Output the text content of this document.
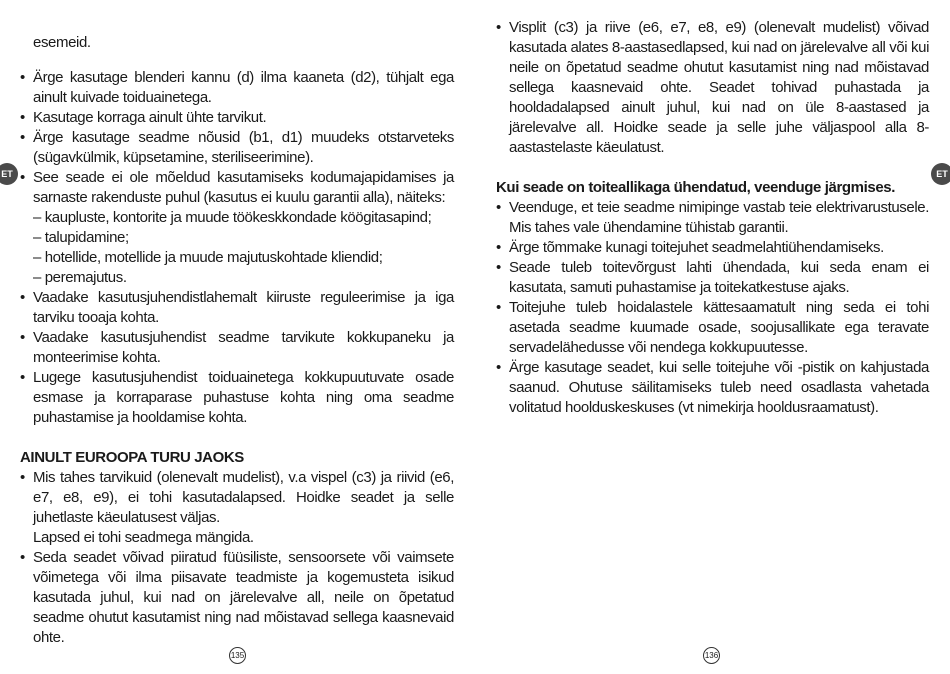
ET	ET

esemeid.

• Ärge kasutage blenderi kannu (d) ilma kaaneta (d2), tühjalt ega ainult kuivade toiduainetega.

• Kasutage korraga ainult ühte tarvikut.

• Ärge kasutage seadme nõusid (b1, d1) muudeks otstarveteks (sügavkülmik, küpsetamine, steriliseerimine).

• See seade ei ole mõeldud kasutamiseks kodumajapidamises ja sarnaste rakenduste puhul (kasutus ei kuulu garantii alla), näiteks:

– kaupluste, kontorite ja muude töökeskkondade köögitasapind;

– talupidamine;

– hotellide, motellide ja muude majutuskohtade kliendid;

– peremajutus.

• Vaadake kasutusjuhendistlahemalt kiiruste reguleerimise ja iga tarviku tooaja kohta.

• Vaadake kasutusjuhendist seadme tarvikute kokkupaneku ja monteerimise kohta.

• Lugege kasutusjuhendist toiduainetega kokkupuutuvate osade esmase ja korraparase puhastuse kohta ning oma seadme puhastamise ja hooldamise kohta.

AINULT EUROOPA TURU JAOKS

• Mis tahes tarvikuid (olenevalt mudelist), v.a vispel (c3) ja riivid (e6, e7, e8, e9), ei tohi kasutadalapsed. Hoidke seadet ja selle juhetlaste käeulatusest väljas.

Lapsed ei tohi seadmega mängida.

• Seda seadet võivad piiratud füüsiliste, sensoorsete või vaimsete võimetega või ilma piisavate teadmiste ja kogemusteta isikud kasutada juhul, kui nad on järelevalve all, neile on õpetatud seadme ohutut kasutamist ning nad mõistavad sellega kaasnevaid ohte.

• Visplit (c3) ja riive (e6, e7, e8, e9) (olenevalt mudelist) võivad kasutada alates 8-aastasedlapsed, kui nad on järelevalve all või kui neile on õpetatud seadme ohutut kasutamist ning nad mõistavad sellega kaasnevaid ohte. Seadet tohivad puhastada ja hooldadalapsed ainult juhul, kui nad on üle 8-aastased ja järelevalve all. Hoidke seade ja selle juhe väljaspool alla 8-aastastelaste käeulatust.

Kui seade on toiteallikaga ühendatud, veenduge järgmises.

• Veenduge, et teie seadme nimipinge vastab teie elektrivarustusele. Mis tahes vale ühendamine tühistab garantii.

• Ärge tõmmake kunagi toitejuhet seadmelahtiühendamiseks.

• Seade tuleb toitevõrgust lahti ühendada, kui seda enam ei kasutata, samuti puhastamise ja toitekatkestuse ajaks.

• Toitejuhe tuleb hoidalastele kättesaamatult ning seda ei tohi asetada seadme kuumade osade, soojusallikate ega teravate servadelähedusse või nendega kokkupuutesse.

• Ärge kasutage seadet, kui selle toitejuhe või -pistik on kahjustada saanud. Ohutuse säilitamiseks tuleb need osadlasta vahetada volitatud hoolduskeskuses (vt nimekirja hooldusraamatust).

135	136
